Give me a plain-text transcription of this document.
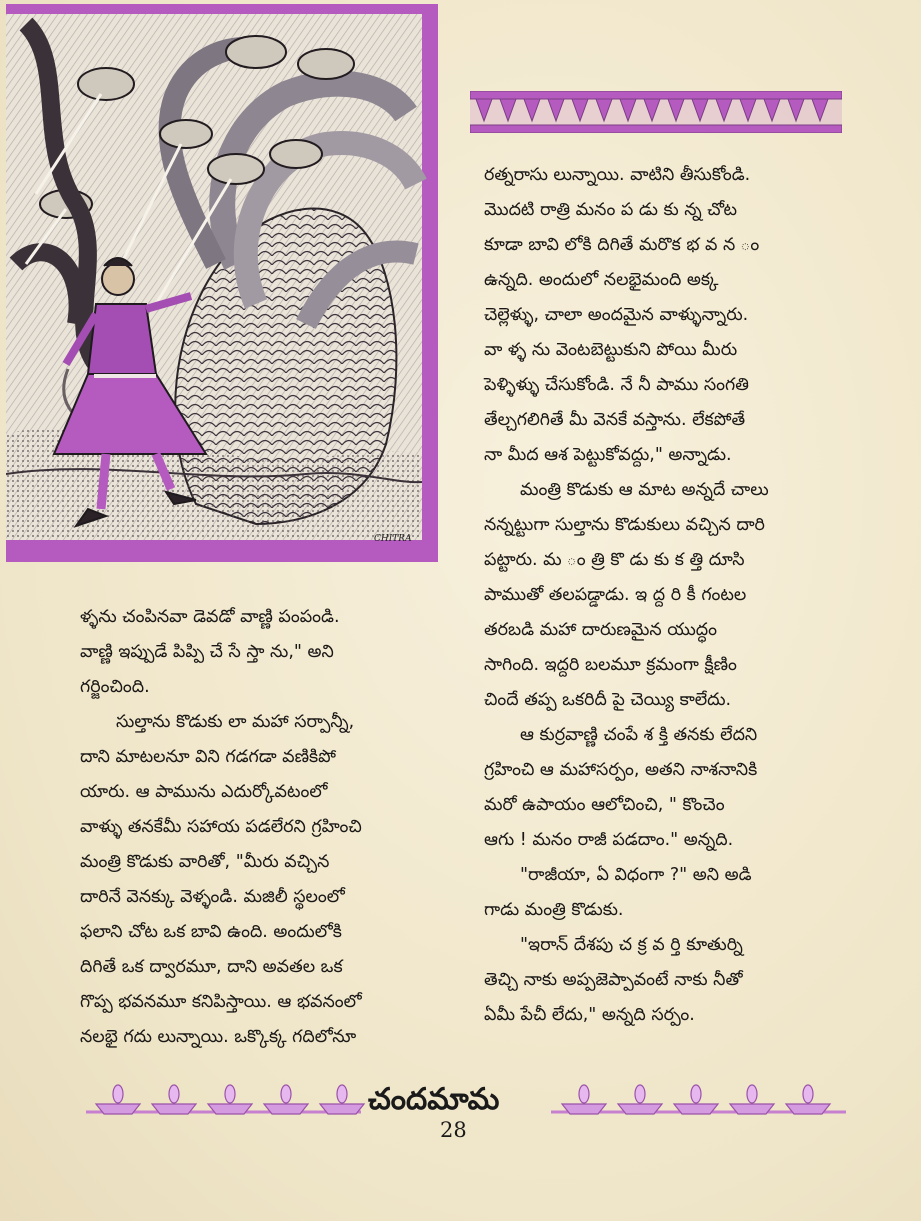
CHITRA

రత్నరాసు లున్నాయి. వాటిని తీసుకోండి.

మొదటి రాత్రి మనం ప డు కు న్న చోట

కూడా బావి లోకి దిగితే మరొక భ వ న ం

ఉన్నది. అందులో నలభైమంది అక్క

చెల్లెళ్ళు, చాలా అందమైన వాళ్ళున్నారు.

వా ళ్ళ ను వెంటబెట్టుకుని పోయి మీరు

పెళ్ళిళ్ళు చేసుకోండి. నే నీ పాము సంగతి

తేల్చగలిగితే మీ వెనకే వస్తాను. లేకపోతే

నా మీద ఆశ పెట్టుకోవద్దు," అన్నాడు.

మంత్రి కొడుకు ఆ మాట అన్నదే చాలు

నన్నట్టుగా సుల్తాను కొడుకులు వచ్చిన దారి

పట్టారు. మ ం త్రి కొ డు కు క త్తి దూసి

పాముతో తలపడ్డాడు. ఇ ద్ద రి కీ గంటల

తరబడి మహా దారుణమైన యుద్ధం

సాగింది. ఇద్దరి బలమూ క్రమంగా క్షీణిం

చిందే తప్ప ఒకరిదీ పై చెయ్యి కాలేదు.

ఆ కుర్రవాణ్ణి చంపే శ క్తి తనకు లేదని

గ్రహించి ఆ మహాసర్పం, అతని నాశనానికి

మరో ఉపాయం ఆలోచించి, " కొంచెం

ఆగు ! మనం రాజీ పడదాం." అన్నది.

"రాజీయా, ఏ విధంగా ?" అని అడి

గాడు మంత్రి కొడుకు.

"ఇరాన్ దేశపు చ క్ర వ ర్తి కూతుర్ని

తెచ్చి నాకు అప్పజెప్పావంటే నాకు నీతో

ఏమీ పేచీ లేదు," అన్నది సర్పం.

ళ్ళను చంపినవా డెవడో వాణ్ణి పంపండి.

వాణ్ణి ఇప్పుడే పిప్పి చే సే స్తా ను," అని

గర్జించింది.

సుల్తాను కొడుకు లా మహా సర్పాన్నీ,

దాని మాటలనూ విని గడగడా వణికిపో

యారు. ఆ పామును ఎదుర్కోవటంలో

వాళ్ళు తనకేమీ సహాయ పడలేరని గ్రహించి

మంత్రి కొడుకు వారితో, "మీరు వచ్చిన

దారినే వెనక్కు వెళ్ళండి. మజిలీ స్థలంలో

ఫలాని చోట ఒక బావి ఉంది. అందులోకి

దిగితే ఒక ద్వారమూ, దాని అవతల ఒక

గొప్ప భవనమూ కనిపిస్తాయి. ఆ భవనంలో

నలభై గదు లున్నాయి. ఒక్కొక్క గదిలోనూ

చందమామ
28
